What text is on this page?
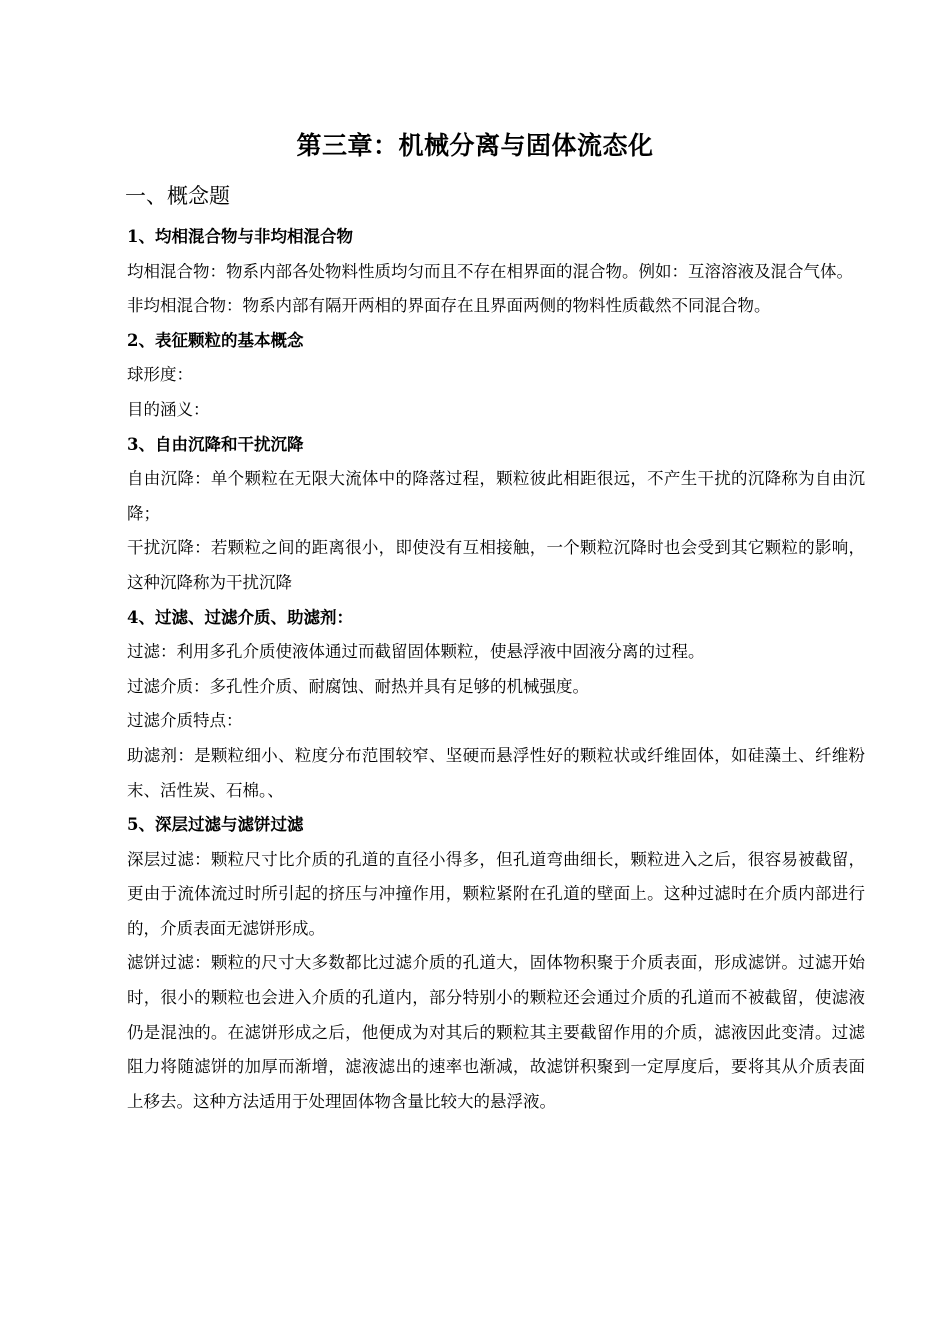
第三章：机械分离与固体流态化
一、概念题

1、均相混合物与非均相混合物

均相混合物：物系内部各处物料性质均匀而且不存在相界面的混合物。例如：互溶溶液及混合气体。

非均相混合物：物系内部有隔开两相的界面存在且界面两侧的物料性质截然不同混合物。

2、表征颗粒的基本概念

球形度：

目的涵义：

3、自由沉降和干扰沉降

自由沉降：单个颗粒在无限大流体中的降落过程，颗粒彼此相距很远，不产生干扰的沉降称为自由沉降；

干扰沉降：若颗粒之间的距离很小，即使没有互相接触，一个颗粒沉降时也会受到其它颗粒的影响，这种沉降称为干扰沉降

4、过滤、过滤介质、助滤剂：

过滤：利用多孔介质使液体通过而截留固体颗粒，使悬浮液中固液分离的过程。

过滤介质：多孔性介质、耐腐蚀、耐热并具有足够的机械强度。

过滤介质特点：

助滤剂：是颗粒细小、粒度分布范围较窄、坚硬而悬浮性好的颗粒状或纤维固体，如硅藻土、纤维粉末、活性炭、石棉。、

5、深层过滤与滤饼过滤

深层过滤：颗粒尺寸比介质的孔道的直径小得多，但孔道弯曲细长，颗粒进入之后，很容易被截留，更由于流体流过时所引起的挤压与冲撞作用，颗粒紧附在孔道的壁面上。这种过滤时在介质内部进行的，介质表面无滤饼形成。

滤饼过滤：颗粒的尺寸大多数都比过滤介质的孔道大，固体物积聚于介质表面，形成滤饼。过滤开始时，很小的颗粒也会进入介质的孔道内，部分特别小的颗粒还会通过介质的孔道而不被截留，使滤液仍是混浊的。在滤饼形成之后，他便成为对其后的颗粒其主要截留作用的介质，滤液因此变清。过滤阻力将随滤饼的加厚而渐增，滤液滤出的速率也渐减，故滤饼积聚到一定厚度后，要将其从介质表面上移去。这种方法适用于处理固体物含量比较大的悬浮液。
